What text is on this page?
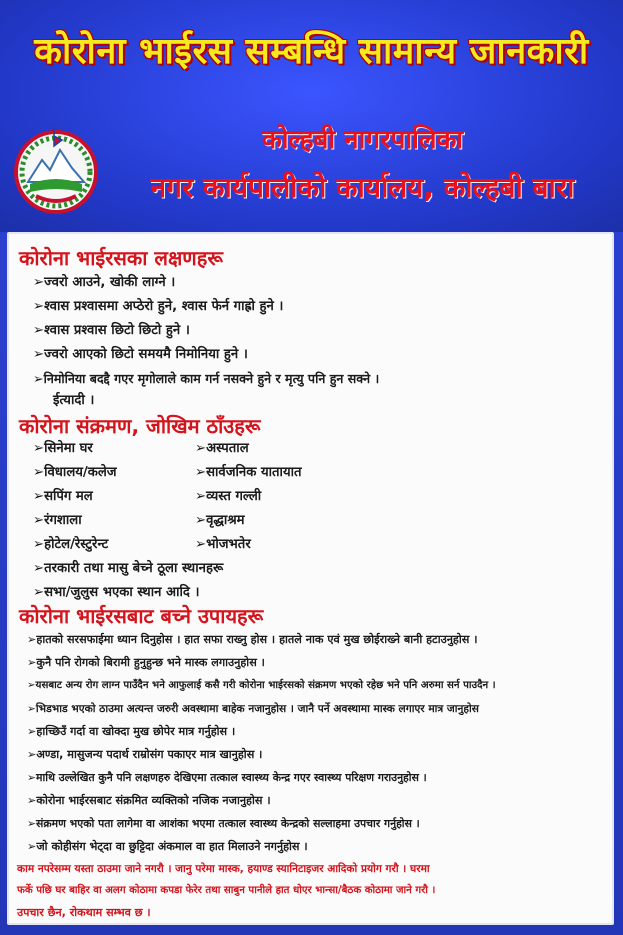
कोरोना भाईरस सम्बन्धि सामान्य जानकारी
कोल्हबी नागरपालिका
नगर कार्यपालीको कार्यालय, कोल्हबी बारा
कोरोना भाईरसका लक्षणहरू
➢ज्वरो आउने, खोकी लाग्ने ।
➢श्वास प्रश्वासमा अप्ठेरो हुने, श्वास फेर्न गाह्रो हुने ।
➢श्वास प्रश्वास छिटो छिटो हुने ।
➢ज्वरो आएको छिटो समयमै निमोनिया हुने ।
➢निमोनिया बदद्दै गएर मृगोलाले काम गर्न नसक्ने हुने र मृत्यु पनि हुन सक्ने ।
ईत्यादी ।
कोरोना संक्रमण, जोखिम ठाँउहरू
➢सिनेमा घर
➢विधालय/कलेज
➢सपिंग मल
➢रंगशाला
➢होटेल/रेस्टुरेन्ट
➢अस्पताल
➢सार्वजनिक यातायात
➢व्यस्त गल्ली
➢वृद्धाश्रम
➢भोजभतेर
➢तरकारी तथा मासु बेच्ने ठूला स्थानहरू
➢सभा/जुलुस भएका स्थान आदि ।
कोरोना भाईरसबाट बच्ने उपायहरू
➢हातको सरसफाईमा ध्यान दिनुहोस । हात सफा राख्नु होस । हातले नाक एवं मुख छोईराख्ने बानी हटाउनुहोस ।
➢कुनै पनि रोगको बिरामी हुनुहुन्छ भने मास्क लगाउनुहोस ।
➢यसबाट अन्य रोग लाग्न पाउँदैन भने आफुलाई कसै गरी कोरोना भाईरसको संक्रमण भएको रहेछ भने पनि अरुमा सर्न पाउदैन ।
➢भिडभाड भएको ठाउमा अत्यन्त जरुरी अवस्थामा बाहेक नजानुहोस । जानै पर्ने अवस्थामा मास्क लगाएर मात्र जानुहोस
➢हाच्छिउँ गर्दा वा खोक्दा मुख छोपेर मात्र गर्नुहोस ।
➢अण्डा, मासुजन्य पदार्थ राम्रोसंग पकाएर मात्र खानुहोस ।
➢माथि उल्लेखित कुनै पनि लक्षणहरु देखिएमा तत्काल स्वास्थ्य केन्द्र गएर स्वास्थ्य परिक्षण गराउनुहोस ।
➢कोरोना भाईरसबाट संक्रमित व्यक्तिको नजिक नजानुहोस ।
➢संक्रमण भएको पता लागेमा वा आशंका भएमा तत्काल स्वास्थ्य केन्द्रको सल्लाहमा उपचार गर्नुहोस ।
➢जो कोहीसंग भेट्दा वा छुट्टिदा अंकमाल वा हात मिलाउने नगर्नुहोस ।
काम नपरेसम्म यस्ता ठाउमा जाने नगरौ । जानु परेमा मास्क, हयाण्ड स्यानिटाइजर आदिको प्रयोग गरौ । घरमा
फर्के पछि घर बाहिर वा अलग कोठामा कपडा फेरेर तथा साबुन पानीले हात धोएर भान्सा/बैठक कोठामा जाने गरौ ।
उपचार छैन, रोकथाम सम्भव छ ।
